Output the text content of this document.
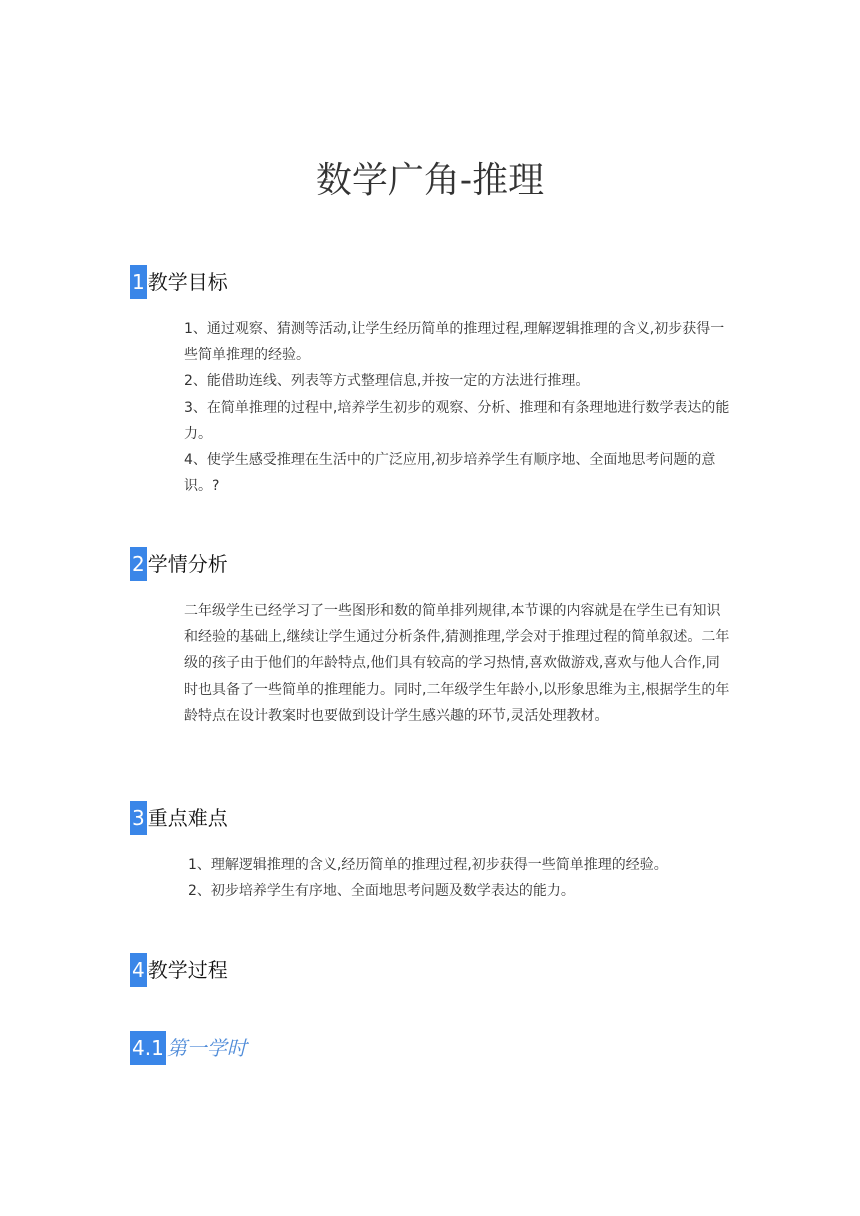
数学广角-推理
1 教学目标

1、通过观察、猜测等活动,让学生经历简单的推理过程,理解逻辑推理的含义,初步获得一些简单推理的经验。

2、能借助连线、列表等方式整理信息,并按一定的方法进行推理。

3、在简单推理的过程中,培养学生初步的观察、分析、推理和有条理地进行数学表达的能力。

4、使学生感受推理在生活中的广泛应用,初步培养学生有顺序地、全面地思考问题的意识。?

2 学情分析

二年级学生已经学习了一些图形和数的简单排列规律,本节课的内容就是在学生已有知识和经验的基础上,继续让学生通过分析条件,猜测推理,学会对于推理过程的简单叙述。二年级的孩子由于他们的年龄特点,他们具有较高的学习热情,喜欢做游戏,喜欢与他人合作,同时也具备了一些简单的推理能力。同时,二年级学生年龄小,以形象思维为主,根据学生的年龄特点在设计教案时也要做到设计学生感兴趣的环节,灵活处理教材。

3 重点难点
1、理解逻辑推理的含义,经历简单的推理过程,初步获得一些简单推理的经验。
2、初步培养学生有序地、全面地思考问题及数学表达的能力。
4 教学过程
4.1 第一学时
